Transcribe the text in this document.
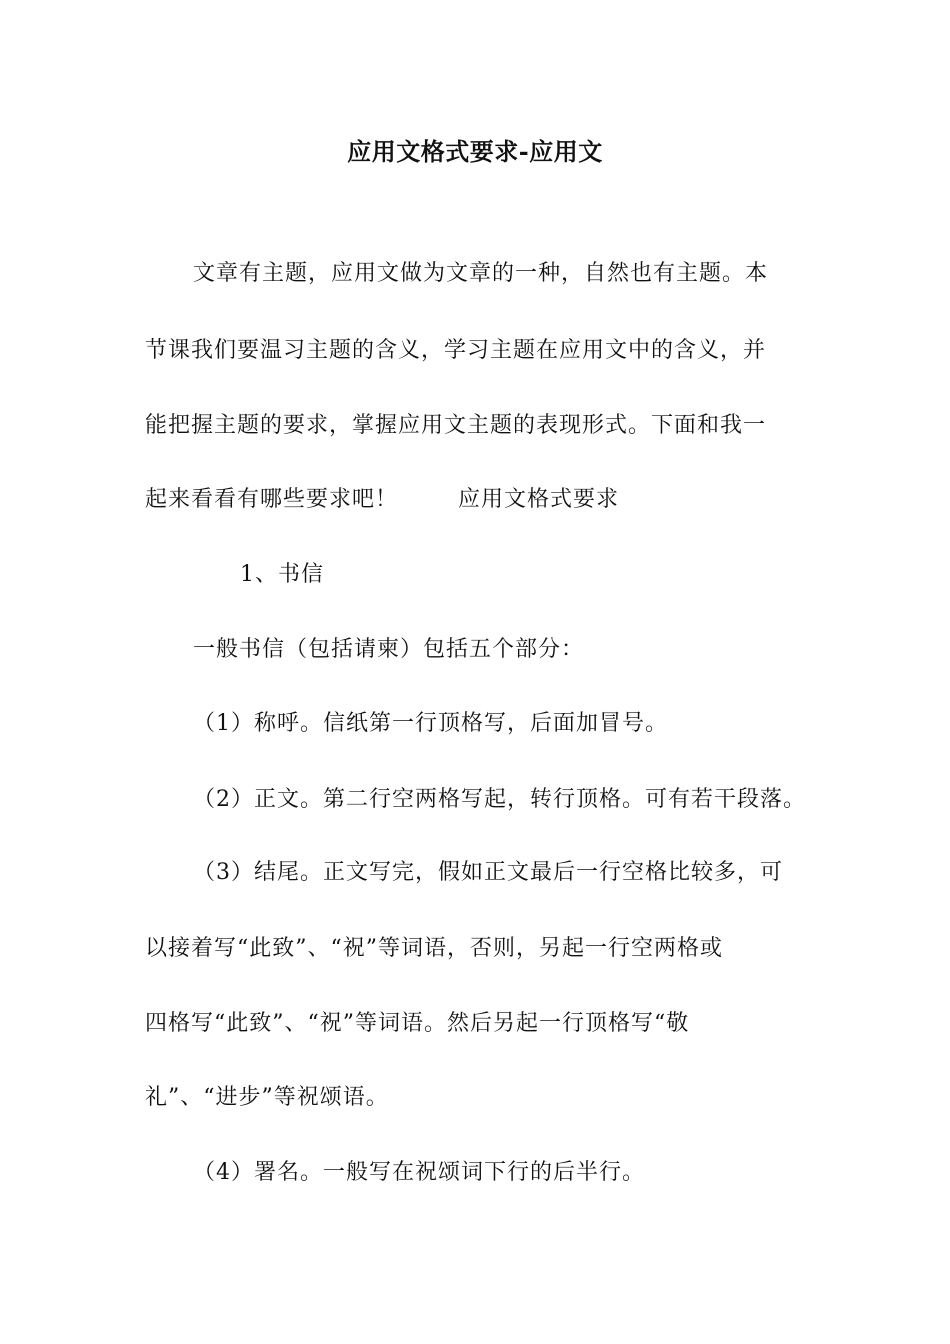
应用文格式要求-应用文
文章有主题，应用文做为文章的一种，自然也有主题。本
节课我们要温习主题的含义，学习主题在应用文中的含义，并
能把握主题的要求，掌握应用文主题的表现形式。下面和我一
起来看看有哪些要求吧！	应用文格式要求
1、书信
一般书信（包括请柬）包括五个部分：
（1）称呼。信纸第一行顶格写，后面加冒号。
（2）正文。第二行空两格写起，转行顶格。可有若干段落。
（3）结尾。正文写完，假如正文最后一行空格比较多，可
以接着写“此致”、“祝”等词语，否则，另起一行空两格或
四格写“此致”、“祝”等词语。然后另起一行顶格写“敬
礼”、“进步”等祝颂语。
（4）署名。一般写在祝颂词下行的后半行。
